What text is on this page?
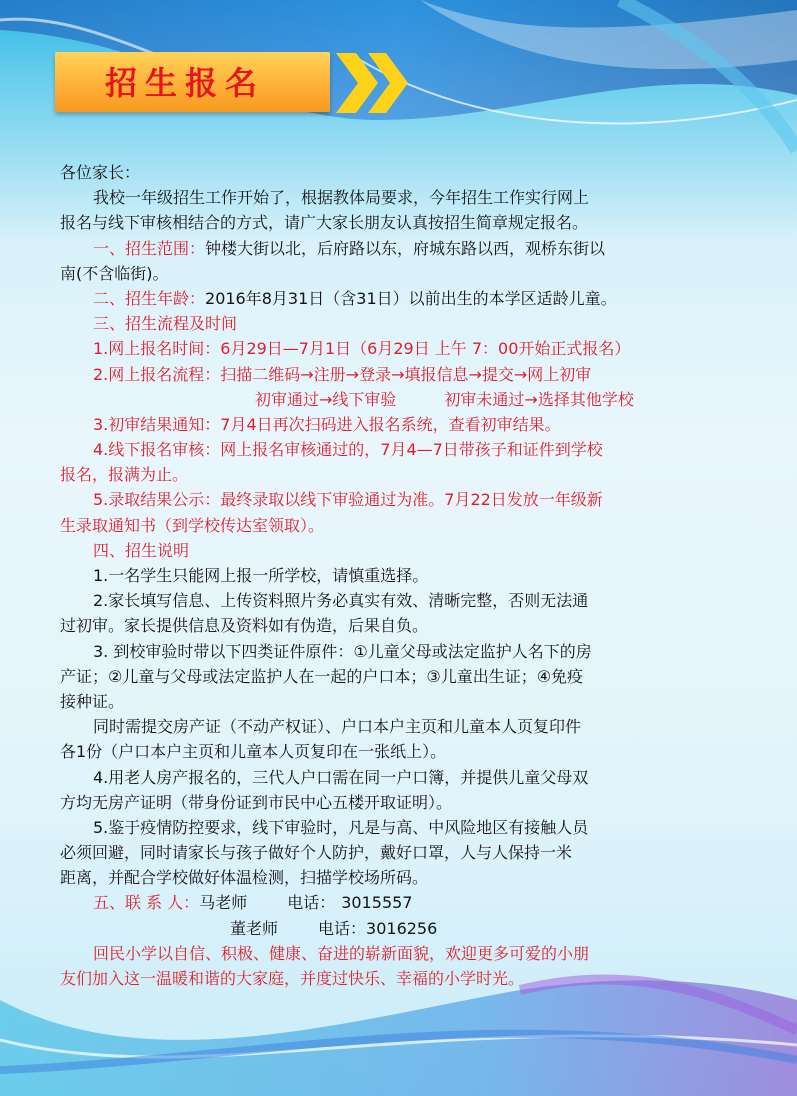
招生报名
各位家长：
我校一年级招生工作开始了，根据教体局要求，今年招生工作实行网上
报名与线下审核相结合的方式，请广大家长朋友认真按招生简章规定报名。
一、招生范围：钟楼大街以北，后府路以东，府城东路以西，观桥东街以
南(不含临街)。
二、招生年龄：2016年8月31日（含31日）以前出生的本学区适龄儿童。
三、招生流程及时间
1.网上报名时间：6月29日—7月1日（6月29日 上午 7：00开始正式报名）
2.网上报名流程：扫描二维码→注册→登录→填报信息→提交→网上初审
初审通过→线下审验　　　初审未通过→选择其他学校
3.初审结果通知：7月4日再次扫码进入报名系统，查看初审结果。
4.线下报名审核：网上报名审核通过的，7月4—7日带孩子和证件到学校
报名，报满为止。
5.录取结果公示：最终录取以线下审验通过为准。7月22日发放一年级新
生录取通知书（到学校传达室领取）。
四、招生说明
1.一名学生只能网上报一所学校，请慎重选择。
2.家长填写信息、上传资料照片务必真实有效、清晰完整，否则无法通
过初审。家长提供信息及资料如有伪造，后果自负。
3. 到校审验时带以下四类证件原件：①儿童父母或法定监护人名下的房
产证；②儿童与父母或法定监护人在一起的户口本；③儿童出生证；④免疫
接种证。
同时需提交房产证（不动产权证）、户口本户主页和儿童本人页复印件
各1份（户口本户主页和儿童本人页复印在一张纸上）。
4.用老人房产报名的，三代人户口需在同一户口簿，并提供儿童父母双
方均无房产证明（带身份证到市民中心五楼开取证明）。
5.鉴于疫情防控要求，线下审验时，凡是与高、中风险地区有接触人员
必须回避，同时请家长与孩子做好个人防护，戴好口罩，人与人保持一米
距离，并配合学校做好体温检测，扫描学校场所码。
五、联 系 人：马老师	电话： 3015557
董老师	电话：3016256
回民小学以自信、积极、健康、奋进的崭新面貌，欢迎更多可爱的小朋
友们加入这一温暖和谐的大家庭，并度过快乐、幸福的小学时光。
